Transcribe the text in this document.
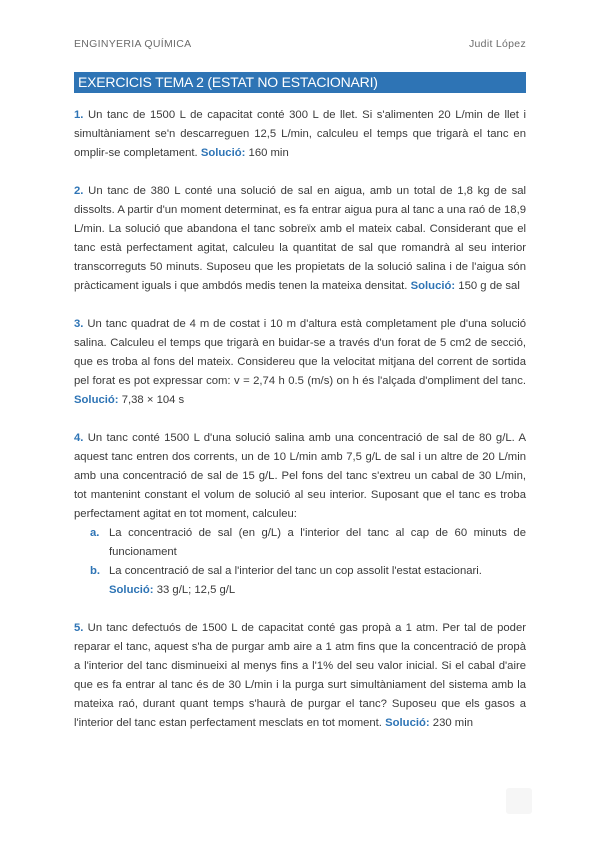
ENGINYERIA QUÍMICA	Judit López
EXERCICIS TEMA 2 (ESTAT NO ESTACIONARI)

1. Un tanc de 1500 L de capacitat conté 300 L de llet. Si s'alimenten 20 L/min de llet i simultàniament se'n descarreguen 12,5 L/min, calculeu el temps que trigarà el tanc en omplir-se completament. Solució: 160 min

2. Un tanc de 380 L conté una solució de sal en aigua, amb un total de 1,8 kg de sal dissolts. A partir d'un moment determinat, es fa entrar aigua pura al tanc a una raó de 18,9 L/min. La solució que abandona el tanc sobreïx amb el mateix cabal. Considerant que el tanc està perfectament agitat, calculeu la quantitat de sal que romandrà al seu interior transcorreguts 50 minuts. Suposeu que les propietats de la solució salina i de l'aigua són pràcticament iguals i que ambdós medis tenen la mateixa densitat. Solució: 150 g de sal

3. Un tanc quadrat de 4 m de costat i 10 m d'altura està completament ple d'una solució salina. Calculeu el temps que trigarà en buidar-se a través d'un forat de 5 cm2 de secció, que es troba al fons del mateix. Considereu que la velocitat mitjana del corrent de sortida pel forat es pot expressar com: v = 2,74 h 0.5 (m/s) on h és l'alçada d'ompliment del tanc. Solució: 7,38 × 104 s

4. Un tanc conté 1500 L d'una solució salina amb una concentració de sal de 80 g/L. A aquest tanc entren dos corrents, un de 10 L/min amb 7,5 g/L de sal i un altre de 20 L/min amb una concentració de sal de 15 g/L. Pel fons del tanc s'extreu un cabal de 30 L/min, tot mantenint constant el volum de solució al seu interior. Suposant que el tanc es troba perfectament agitat en tot moment, calculeu:
a. La concentració de sal (en g/L) a l'interior del tanc al cap de 60 minuts de funcionament
b. La concentració de sal a l'interior del tanc un cop assolit l'estat estacionari.
Solució: 33 g/L; 12,5 g/L

5. Un tanc defectuós de 1500 L de capacitat conté gas propà a 1 atm. Per tal de poder reparar el tanc, aquest s'ha de purgar amb aire a 1 atm fins que la concentració de propà a l'interior del tanc disminueixi al menys fins a l'1% del seu valor inicial. Si el cabal d'aire que es fa entrar al tanc és de 30 L/min i la purga surt simultàniament del sistema amb la mateixa raó, durant quant temps s'haurà de purgar el tanc? Suposeu que els gasos a l'interior del tanc estan perfectament mesclats en tot moment. Solució: 230 min
